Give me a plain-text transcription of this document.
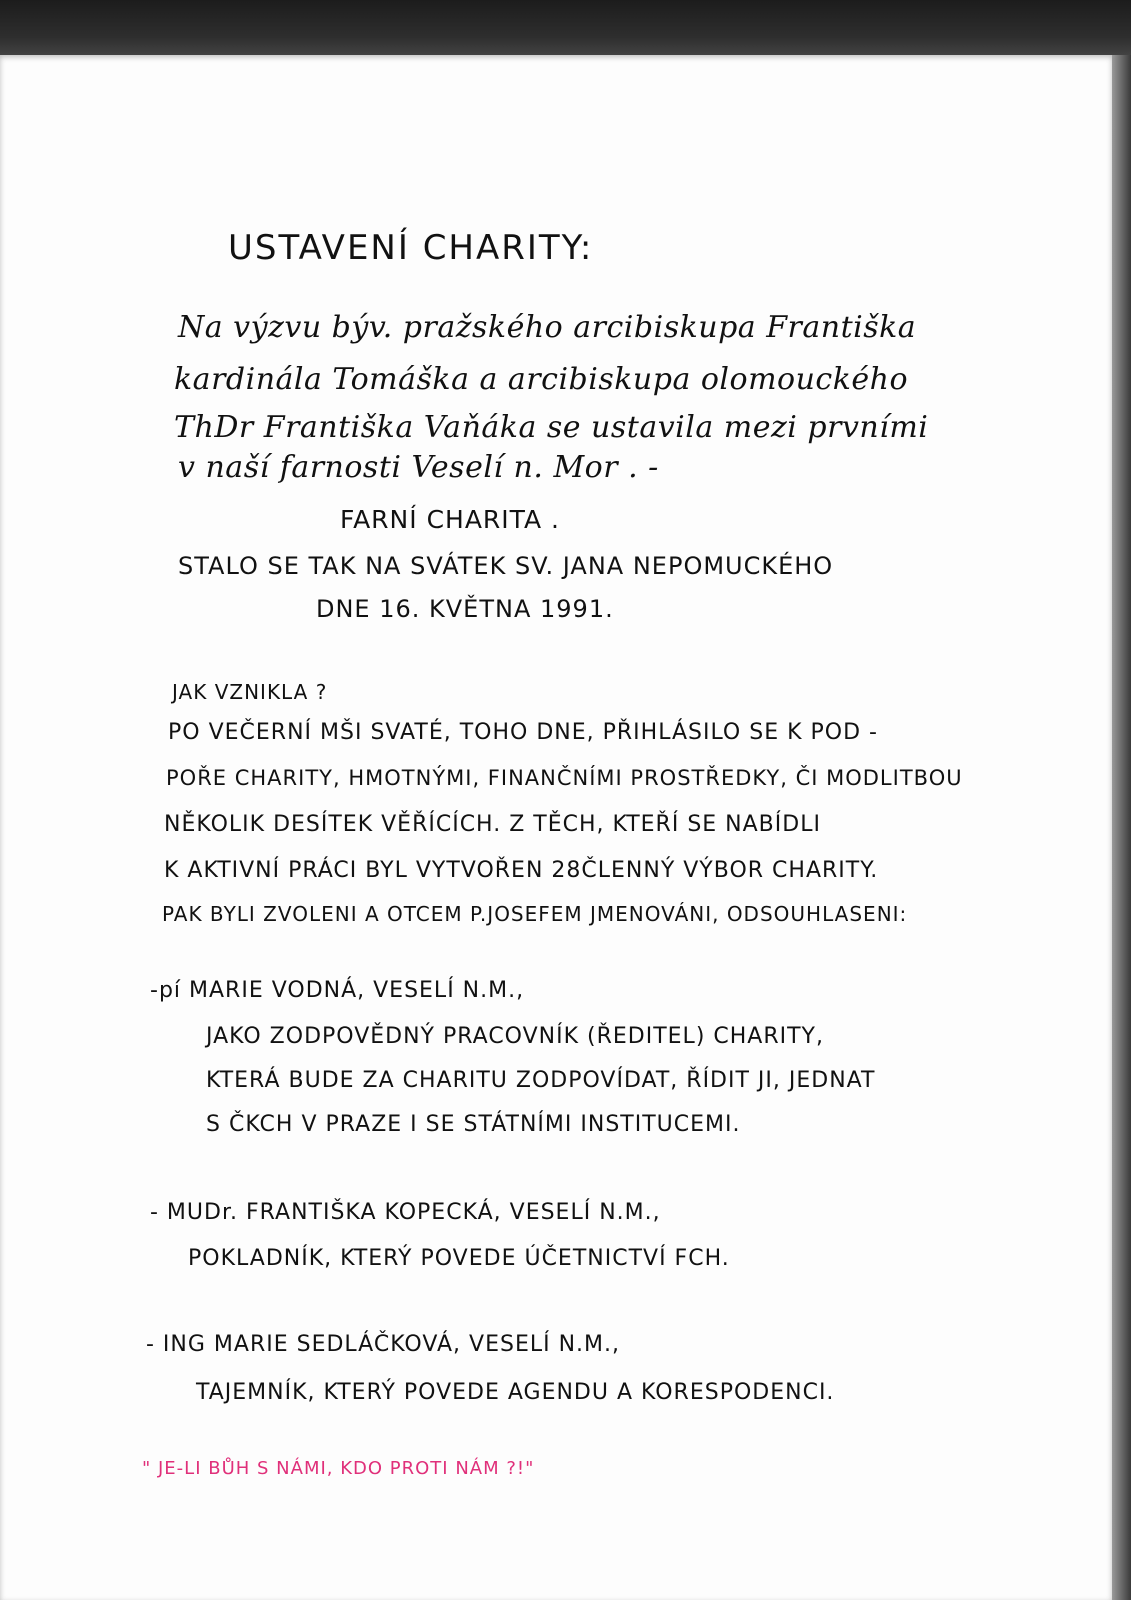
USTAVENÍ CHARITY:
Na výzvu býv. pražského arcibiskupa Františka
kardinála Tomáška a arcibiskupa olomouckého
ThDr Františka Vaňáka se ustavila mezi prvními
v naší farnosti Veselí n. Mor . -
FARNÍ CHARITA .
STALO SE TAK NA SVÁTEK SV. JANA NEPOMUCKÉHO
DNE 16. KVĚTNA 1991.
JAK VZNIKLA ?
PO VEČERNÍ MŠI SVATÉ, TOHO DNE, PŘIHLÁSILO SE K POD -
POŘE CHARITY, HMOTNÝMI, FINANČNÍMI PROSTŘEDKY, ČI MODLITBOU
NĚKOLIK DESÍTEK VĚŘÍCÍCH. Z TĚCH, KTEŘÍ SE NABÍDLI
K AKTIVNÍ PRÁCI BYL VYTVOŘEN 28ČLENNÝ VÝBOR CHARITY.
PAK BYLI ZVOLENI A OTCEM P.JOSEFEM JMENOVÁNI, ODSOUHLASENI:
-pí MARIE VODNÁ, VESELÍ N.M.,
JAKO ZODPOVĚDNÝ PRACOVNÍK (ŘEDITEL) CHARITY,
KTERÁ BUDE ZA CHARITU ZODPOVÍDAT, ŘÍDIT JI, JEDNAT
S ČKCH V PRAZE I SE STÁTNÍMI INSTITUCEMI.
- MUDr. FRANTIŠKA KOPECKÁ, VESELÍ N.M.,
POKLADNÍK, KTERÝ POVEDE ÚČETNICTVÍ FCH.
- ING MARIE SEDLÁČKOVÁ, VESELÍ N.M.,
TAJEMNÍK, KTERÝ POVEDE AGENDU A KORESPODENCI.
" JE-LI BŮH S NÁMI, KDO PROTI NÁM ?!"
